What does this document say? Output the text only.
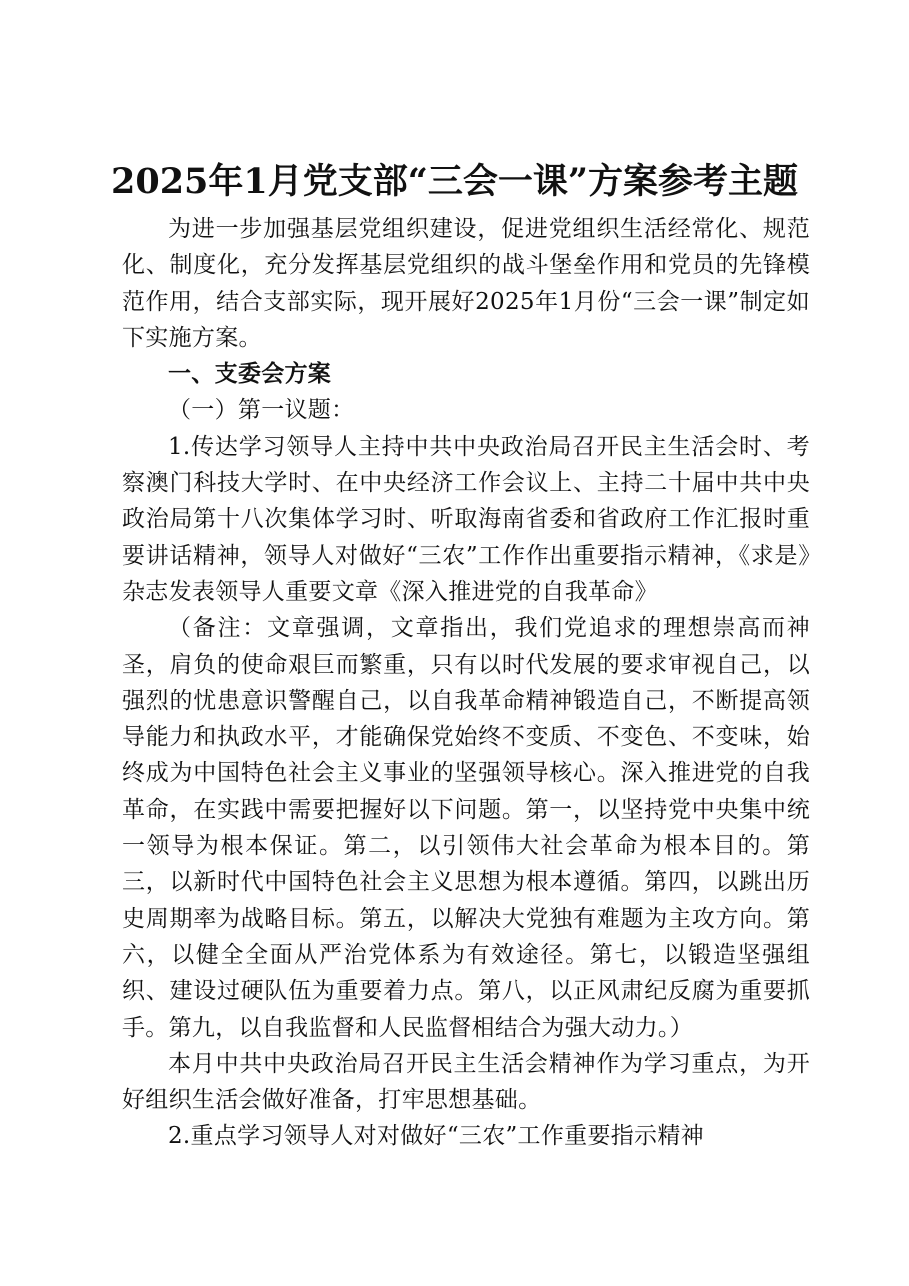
2025年1月党支部“三会一课”方案参考主题

为进一步加强基层党组织建设，促进党组织生活经常化、规范化、制度化，充分发挥基层党组织的战斗堡垒作用和党员的先锋模范作用，结合支部实际，现开展好2025年1月份“三会一课”制定如下实施方案。

一、支委会方案

（一）第一议题：

1.传达学习领导人主持中共中央政治局召开民主生活会时、考察澳门科技大学时、在中央经济工作会议上、主持二十届中共中央政治局第十八次集体学习时、听取海南省委和省政府工作汇报时重要讲话精神，领导人对做好“三农”工作作出重要指示精神，《求是》杂志发表领导人重要文章《深入推进党的自我革命》

（备注：文章强调，文章指出，我们党追求的理想崇高而神圣，肩负的使命艰巨而繁重，只有以时代发展的要求审视自己，以强烈的忧患意识警醒自己，以自我革命精神锻造自己，不断提高领导能力和执政水平，才能确保党始终不变质、不变色、不变味，始终成为中国特色社会主义事业的坚强领导核心。深入推进党的自我革命，在实践中需要把握好以下问题。第一，以坚持党中央集中统一领导为根本保证。第二，以引领伟大社会革命为根本目的。第三，以新时代中国特色社会主义思想为根本遵循。第四，以跳出历史周期率为战略目标。第五，以解决大党独有难题为主攻方向。第六，以健全全面从严治党体系为有效途径。第七，以锻造坚强组织、建设过硬队伍为重要着力点。第八，以正风肃纪反腐为重要抓手。第九，以自我监督和人民监督相结合为强大动力。）

本月中共中央政治局召开民主生活会精神作为学习重点，为开好组织生活会做好准备，打牢思想基础。

2.重点学习领导人对对做好“三农”工作重要指示精神
